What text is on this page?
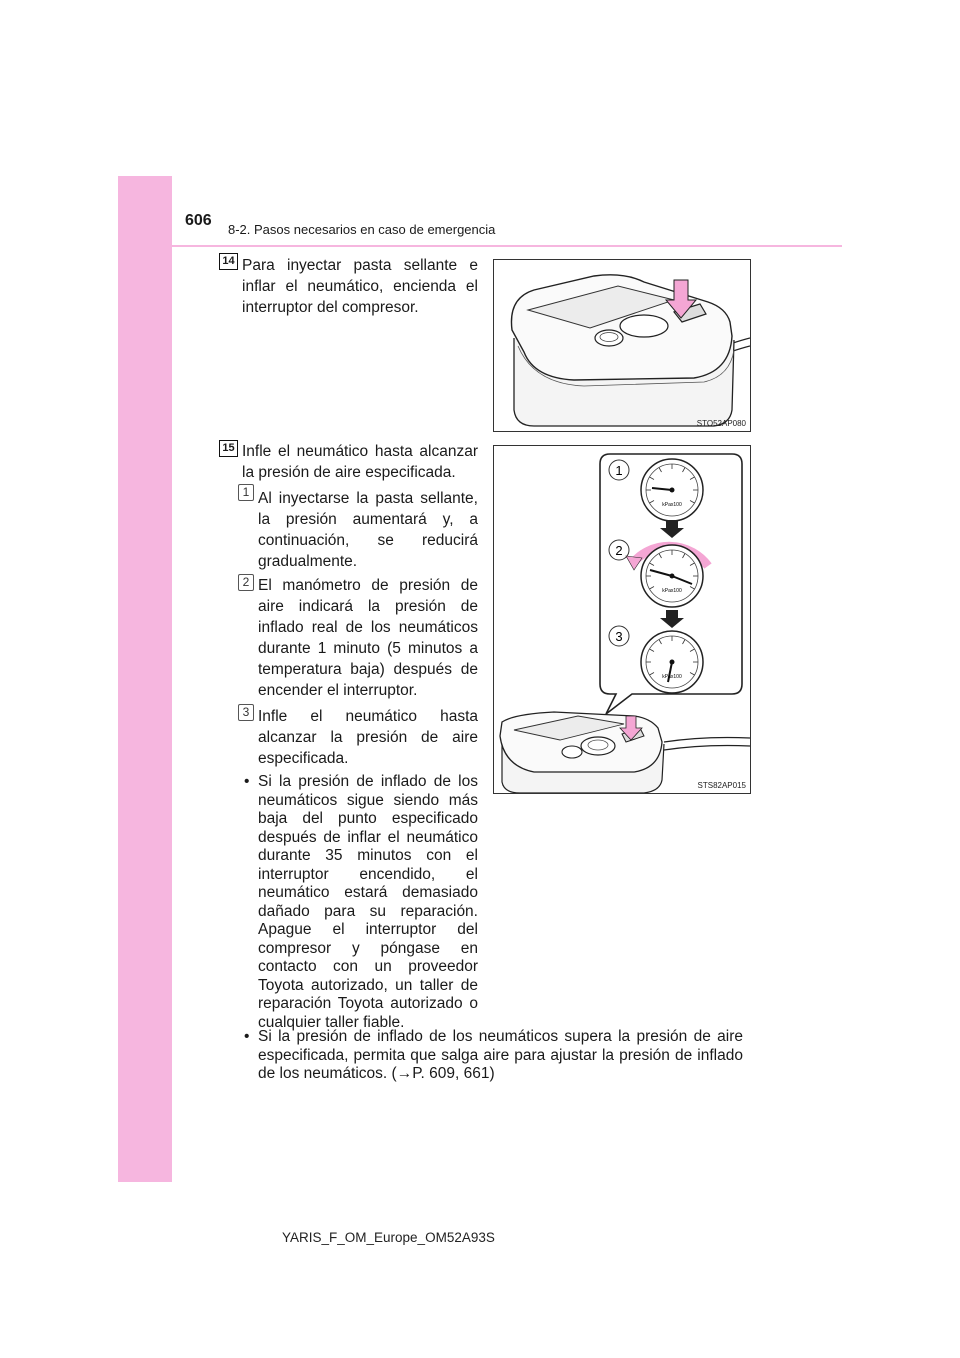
606
8-2. Pasos necesarios en caso de emergencia
14 Para inyectar pasta sellante e inflar el neumático, encienda el interruptor del compresor.

STO52AP080
15 Infle el neumático hasta alcanzar la presión de aire especificada.

1 Al inyectarse la pasta sellante, la presión aumentará y, a continuación, se reducirá gradualmente.

2 El manómetro de presión de aire indicará la presión de inflado real de los neumáticos durante 1 minuto (5 minutos a temperatura baja) después de encender el interruptor.

3 Infle el neumático hasta alcanzar la presión de aire especificada.

1
2
3
kPax100
kPax100
kPax100
STS82AP015

• Si la presión de inflado de los neumáticos sigue siendo más baja del punto especificado después de inflar el neumático durante 35 minutos con el interruptor encendido, el neumático estará demasiado dañado para su reparación. Apague el interruptor del compresor y póngase en contacto con un proveedor Toyota autorizado, un taller de reparación Toyota autorizado o cualquier taller fiable.

• Si la presión de inflado de los neumáticos supera la presión de aire especificada, permita que salga aire para ajustar la presión de inflado de los neumáticos. (→P. 609, 661)

YARIS_F_OM_Europe_OM52A93S
